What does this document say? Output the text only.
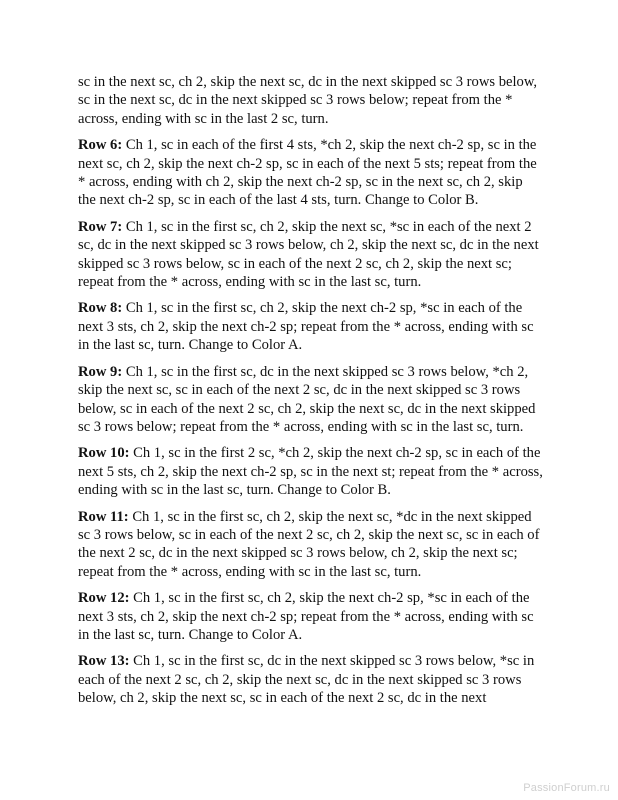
sc in the next sc, ch 2, skip the next sc, dc in the next skipped sc 3 rows below, sc in the next sc, dc in the next skipped sc 3 rows below; repeat from the * across, ending with sc in the last 2 sc, turn.

Row 6: Ch 1, sc in each of the first 4 sts, *ch 2, skip the next ch-2 sp, sc in the next sc, ch 2, skip the next ch-2 sp, sc in each of the next 5 sts; repeat from the * across, ending with ch 2, skip the next ch-2 sp, sc in the next sc, ch 2, skip the next ch-2 sp, sc in each of the last 4 sts, turn. Change to Color B.

Row 7: Ch 1, sc in the first sc, ch 2, skip the next sc, *sc in each of the next 2 sc, dc in the next skipped sc 3 rows below, ch 2, skip the next sc, dc in the next skipped sc 3 rows below, sc in each of the next 2 sc, ch 2, skip the next sc; repeat from the * across, ending with sc in the last sc, turn.

Row 8: Ch 1, sc in the first sc, ch 2, skip the next ch-2 sp, *sc in each of the next 3 sts, ch 2, skip the next ch-2 sp; repeat from the * across, ending with sc in the last sc, turn. Change to Color A.

Row 9: Ch 1, sc in the first sc, dc in the next skipped sc 3 rows below, *ch 2, skip the next sc, sc in each of the next 2 sc, dc in the next skipped sc 3 rows below, sc in each of the next 2 sc, ch 2, skip the next sc, dc in the next skipped sc 3 rows below; repeat from the * across, ending with sc in the last sc, turn.

Row 10: Ch 1, sc in the first 2 sc, *ch 2, skip the next ch-2 sp, sc in each of the next 5 sts, ch 2, skip the next ch-2 sp, sc in the next st; repeat from the * across, ending with sc in the last sc, turn. Change to Color B.

Row 11: Ch 1, sc in the first sc, ch 2, skip the next sc, *dc in the next skipped sc 3 rows below, sc in each of the next 2 sc, ch 2, skip the next sc, sc in each of the next 2 sc, dc in the next skipped sc 3 rows below, ch 2, skip the next sc; repeat from the * across, ending with sc in the last sc, turn.

Row 12: Ch 1, sc in the first sc, ch 2, skip the next ch-2 sp, *sc in each of the next 3 sts, ch 2, skip the next ch-2 sp; repeat from the * across, ending with sc in the last sc, turn. Change to Color A.

Row 13: Ch 1, sc in the first sc, dc in the next skipped sc 3 rows below, *sc in each of the next 2 sc, ch 2, skip the next sc, dc in the next skipped sc 3 rows below, ch 2, skip the next sc, sc in each of the next 2 sc, dc in the next

PassionForum.ru
